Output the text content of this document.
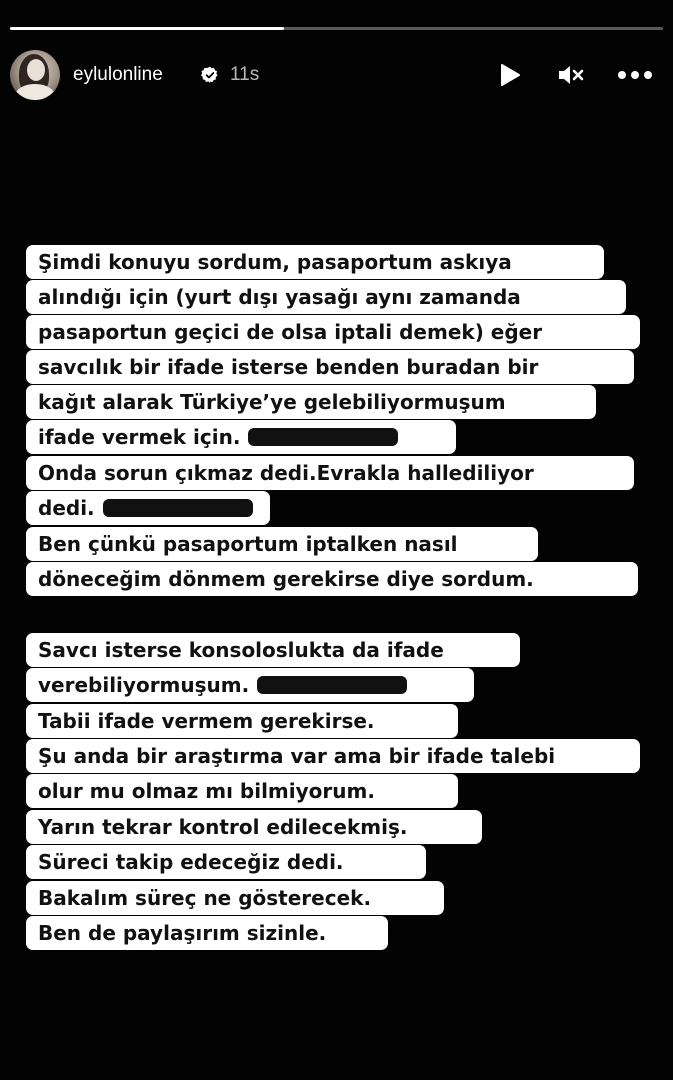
eylulonline	11s
Şimdi konuyu sordum, pasaportum askıya
alındığı için (yurt dışı yasağı aynı zamanda
pasaportun geçici de olsa iptali demek) eğer
savcılık bir ifade isterse benden buradan bir
kağıt alarak Türkiye’ye gelebiliyormuşum
ifade vermek için.
Onda sorun çıkmaz dedi.Evrakla hallediliyor
dedi.
Ben çünkü pasaportum iptalken nasıl
döneceğim dönmem gerekirse diye sordum.
Savcı isterse konsoloslukta da ifade
verebiliyormuşum.
Tabii ifade vermem gerekirse.
Şu anda bir araştırma var ama bir ifade talebi
olur mu olmaz mı bilmiyorum.
Yarın tekrar kontrol edilecekmiş.
Süreci takip edeceğiz dedi.
Bakalım süreç ne gösterecek.
Ben de paylaşırım sizinle.
